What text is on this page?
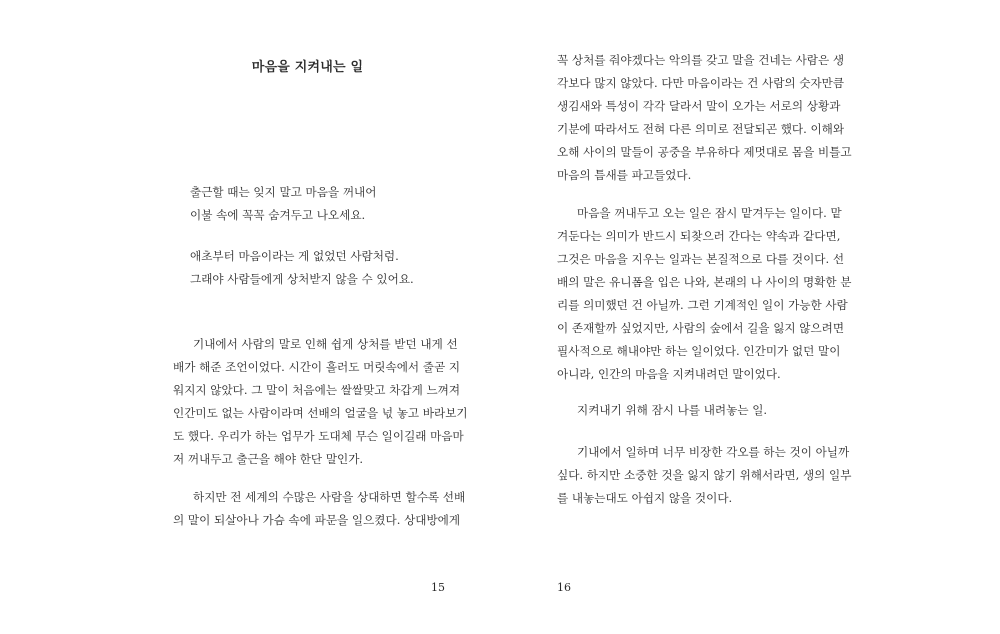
마음을 지켜내는 일
출근할 때는 잊지 말고 마음을 꺼내어
이불 속에 꼭꼭 숨겨두고 나오세요.
애초부터 마음이라는 게 없었던 사람처럼.
그래야 사람들에게 상처받지 않을 수 있어요.
기내에서 사람의 말로 인해 쉽게 상처를 받던 내게 선
배가 해준 조언이었다. 시간이 흘러도 머릿속에서 줄곧 지
워지지 않았다. 그 말이 처음에는 쌀쌀맞고 차갑게 느껴져
인간미도 없는 사람이라며 선배의 얼굴을 넋 놓고 바라보기
도 했다. 우리가 하는 업무가 도대체 무슨 일이길래 마음마
저 꺼내두고 출근을 해야 한단 말인가.
하지만 전 세계의 수많은 사람을 상대하면 할수록 선배
의 말이 되살아나 가슴 속에 파문을 일으켰다. 상대방에게
15
꼭 상처를 줘야겠다는 악의를 갖고 말을 건네는 사람은 생
각보다 많지 않았다. 다만 마음이라는 건 사람의 숫자만큼
생김새와 특성이 각각 달라서 말이 오가는 서로의 상황과
기분에 따라서도 전혀 다른 의미로 전달되곤 했다. 이해와
오해 사이의 말들이 공중을 부유하다 제멋대로 몸을 비틀고
마음의 틈새를 파고들었다.
마음을 꺼내두고 오는 일은 잠시 맡겨두는 일이다. 맡
겨둔다는 의미가 반드시 되찾으러 간다는 약속과 같다면,
그것은 마음을 지우는 일과는 본질적으로 다를 것이다. 선
배의 말은 유니폼을 입은 나와, 본래의 나 사이의 명확한 분
리를 의미했던 건 아닐까. 그런 기계적인 일이 가능한 사람
이 존재할까 싶었지만, 사람의 숲에서 길을 잃지 않으려면
필사적으로 해내야만 하는 일이었다. 인간미가 없던 말이
아니라, 인간의 마음을 지켜내려던 말이었다.
지켜내기 위해 잠시 나를 내려놓는 일.
기내에서 일하며 너무 비장한 각오를 하는 것이 아닐까
싶다. 하지만 소중한 것을 잃지 않기 위해서라면, 생의 일부
를 내놓는대도 아쉽지 않을 것이다.
16
